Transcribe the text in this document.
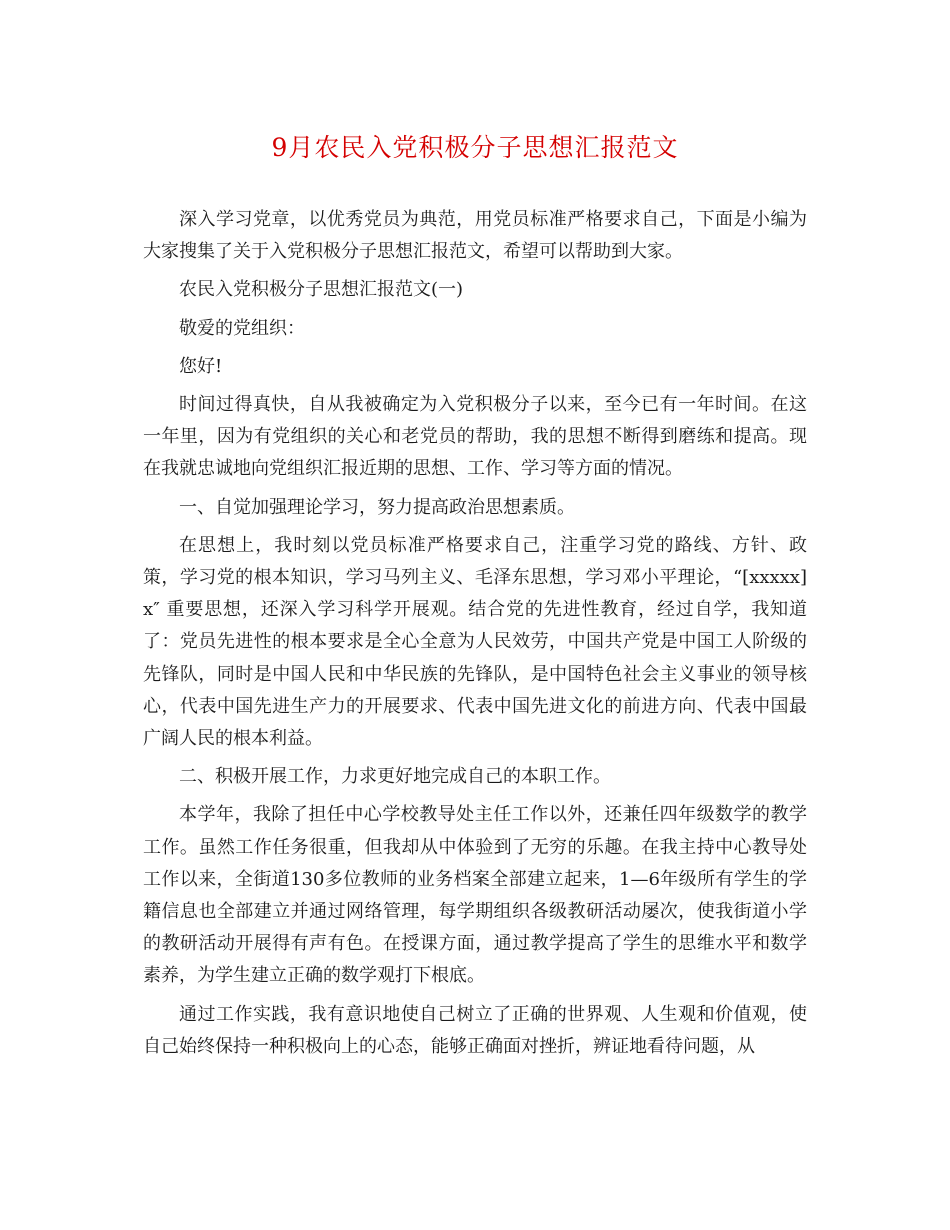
9月农民入党积极分子思想汇报范文

深入学习党章，以优秀党员为典范，用党员标准严格要求自己，下面是小编为大家搜集了关于入党积极分子思想汇报范文，希望可以帮助到大家。

农民入党积极分子思想汇报范文(一)

敬爱的党组织：

您好!

时间过得真快，自从我被确定为入党积极分子以来，至今已有一年时间。在这一年里，因为有党组织的关心和老党员的帮助，我的思想不断得到磨练和提高。现在我就忠诚地向党组织汇报近期的思想、工作、学习等方面的情况。

一、自觉加强理论学习，努力提高政治思想素质。

在思想上，我时刻以党员标准严格要求自己，注重学习党的路线、方针、政策，学习党的根本知识，学习马列主义、毛泽东思想，学习邓小平理论，“[xxxxx]x″ 重要思想，还深入学习科学开展观。结合党的先进性教育，经过自学，我知道了：党员先进性的根本要求是全心全意为人民效劳，中国共产党是中国工人阶级的先锋队，同时是中国人民和中华民族的先锋队，是中国特色社会主义事业的领导核心，代表中国先进生产力的开展要求、代表中国先进文化的前进方向、代表中国最广阔人民的根本利益。

二、积极开展工作，力求更好地完成自己的本职工作。

本学年，我除了担任中心学校教导处主任工作以外，还兼任四年级数学的教学工作。虽然工作任务很重，但我却从中体验到了无穷的乐趣。在我主持中心教导处工作以来，全街道130多位教师的业务档案全部建立起来，1—6年级所有学生的学籍信息也全部建立并通过网络管理，每学期组织各级教研活动屡次，使我街道小学的教研活动开展得有声有色。在授课方面，通过教学提高了学生的思维水平和数学素养，为学生建立正确的数学观打下根底。

通过工作实践，我有意识地使自己树立了正确的世界观、人生观和价值观，使自己始终保持一种积极向上的心态，能够正确面对挫折，辨证地看待问题，从
